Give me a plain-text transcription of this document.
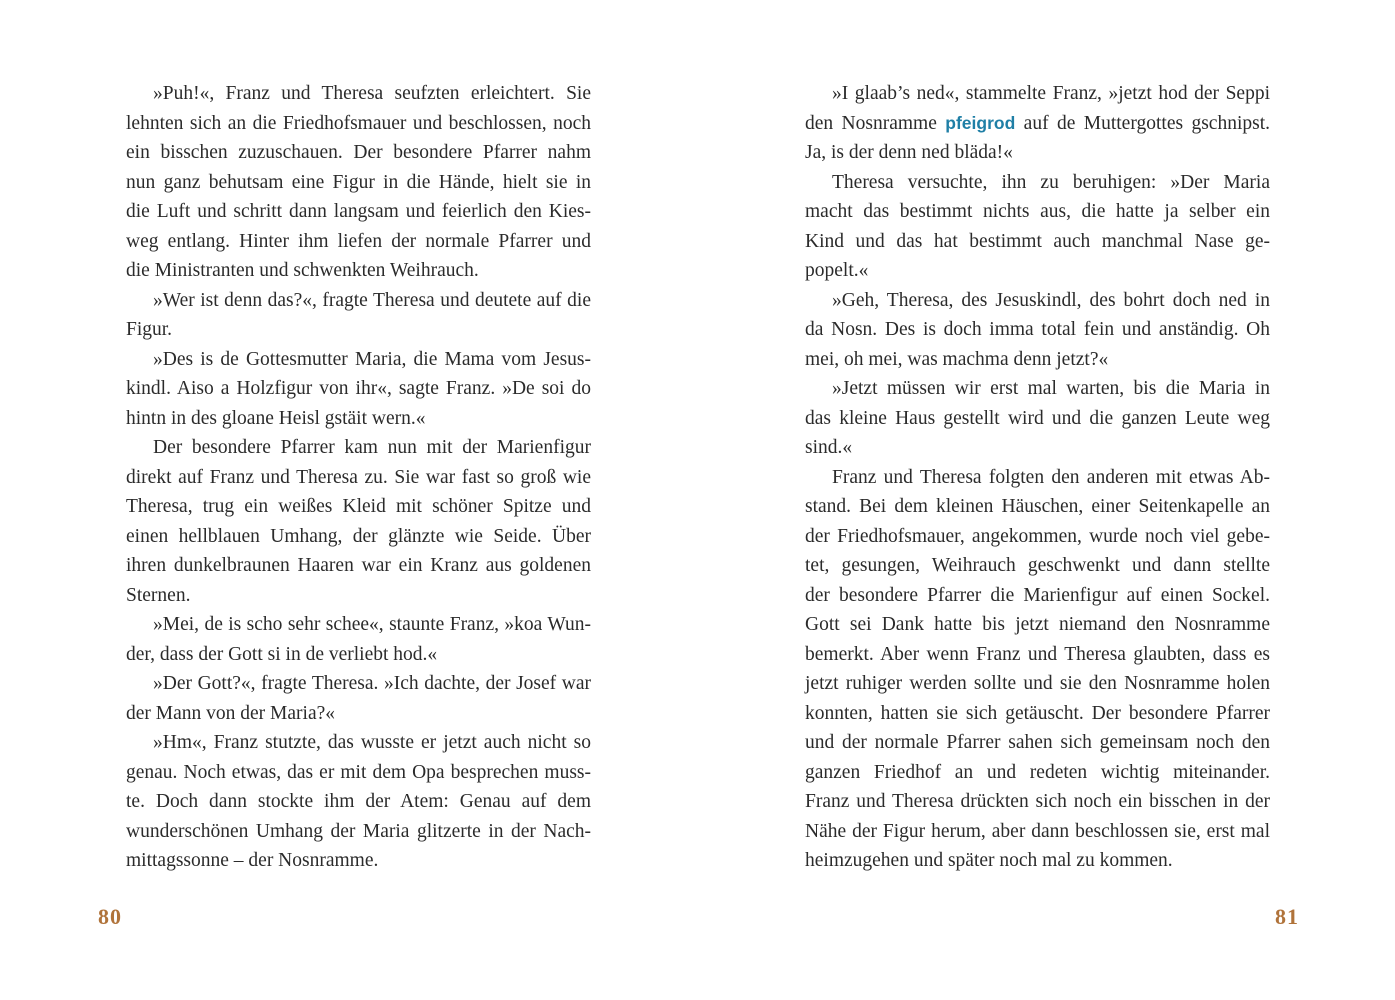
»Puh!«, Franz und Theresa seufzten erleichtert. Sie
lehnten sich an die Friedhofsmauer und beschlossen, noch
ein bisschen zuzuschauen. Der besondere Pfarrer nahm
nun ganz behutsam eine Figur in die Hände, hielt sie in
die Luft und schritt dann langsam und feierlich den Kies-
weg entlang. Hinter ihm liefen der normale Pfarrer und
die Ministranten und schwenkten Weihrauch.
»Wer ist denn das?«, fragte Theresa und deutete auf die
Figur.
»Des is de Gottesmutter Maria, die Mama vom Jesus-
kindl. Aiso a Holzfigur von ihr«, sagte Franz. »De soi do
hintn in des gloane Heisl gstäit wern.«
Der besondere Pfarrer kam nun mit der Marienfigur
direkt auf Franz und Theresa zu. Sie war fast so groß wie
Theresa, trug ein weißes Kleid mit schöner Spitze und
einen hellblauen Umhang, der glänzte wie Seide. Über
ihren dunkelbraunen Haaren war ein Kranz aus goldenen
Sternen.
»Mei, de is scho sehr schee«, staunte Franz, »koa Wun-
der, dass der Gott si in de verliebt hod.«
»Der Gott?«, fragte Theresa. »Ich dachte, der Josef war
der Mann von der Maria?«
»Hm«, Franz stutzte, das wusste er jetzt auch nicht so
genau. Noch etwas, das er mit dem Opa besprechen muss-
te. Doch dann stockte ihm der Atem: Genau auf dem
wunderschönen Umhang der Maria glitzerte in der Nach-
mittagssonne – der Nosnramme.
80
»I glaab’s ned«, stammelte Franz, »jetzt hod der Seppi
den Nosnramme pfeigrod auf de Muttergottes gschnipst.
Ja, is der denn ned bläda!«
Theresa versuchte, ihn zu beruhigen: »Der Maria
macht das bestimmt nichts aus, die hatte ja selber ein
Kind und das hat bestimmt auch manchmal Nase ge-
popelt.«
»Geh, Theresa, des Jesuskindl, des bohrt doch ned in
da Nosn. Des is doch imma total fein und anständig. Oh
mei, oh mei, was machma denn jetzt?«
»Jetzt müssen wir erst mal warten, bis die Maria in
das kleine Haus gestellt wird und die ganzen Leute weg
sind.«
Franz und Theresa folgten den anderen mit etwas Ab-
stand. Bei dem kleinen Häuschen, einer Seitenkapelle an
der Friedhofsmauer, angekommen, wurde noch viel gebe-
tet, gesungen, Weihrauch geschwenkt und dann stellte
der besondere Pfarrer die Marienfigur auf einen Sockel.
Gott sei Dank hatte bis jetzt niemand den Nosnramme
bemerkt. Aber wenn Franz und Theresa glaubten, dass es
jetzt ruhiger werden sollte und sie den Nosnramme holen
konnten, hatten sie sich getäuscht. Der besondere Pfarrer
und der normale Pfarrer sahen sich gemeinsam noch den
ganzen Friedhof an und redeten wichtig miteinander.
Franz und Theresa drückten sich noch ein bisschen in der
Nähe der Figur herum, aber dann beschlossen sie, erst mal
heimzugehen und später noch mal zu kommen.
81
